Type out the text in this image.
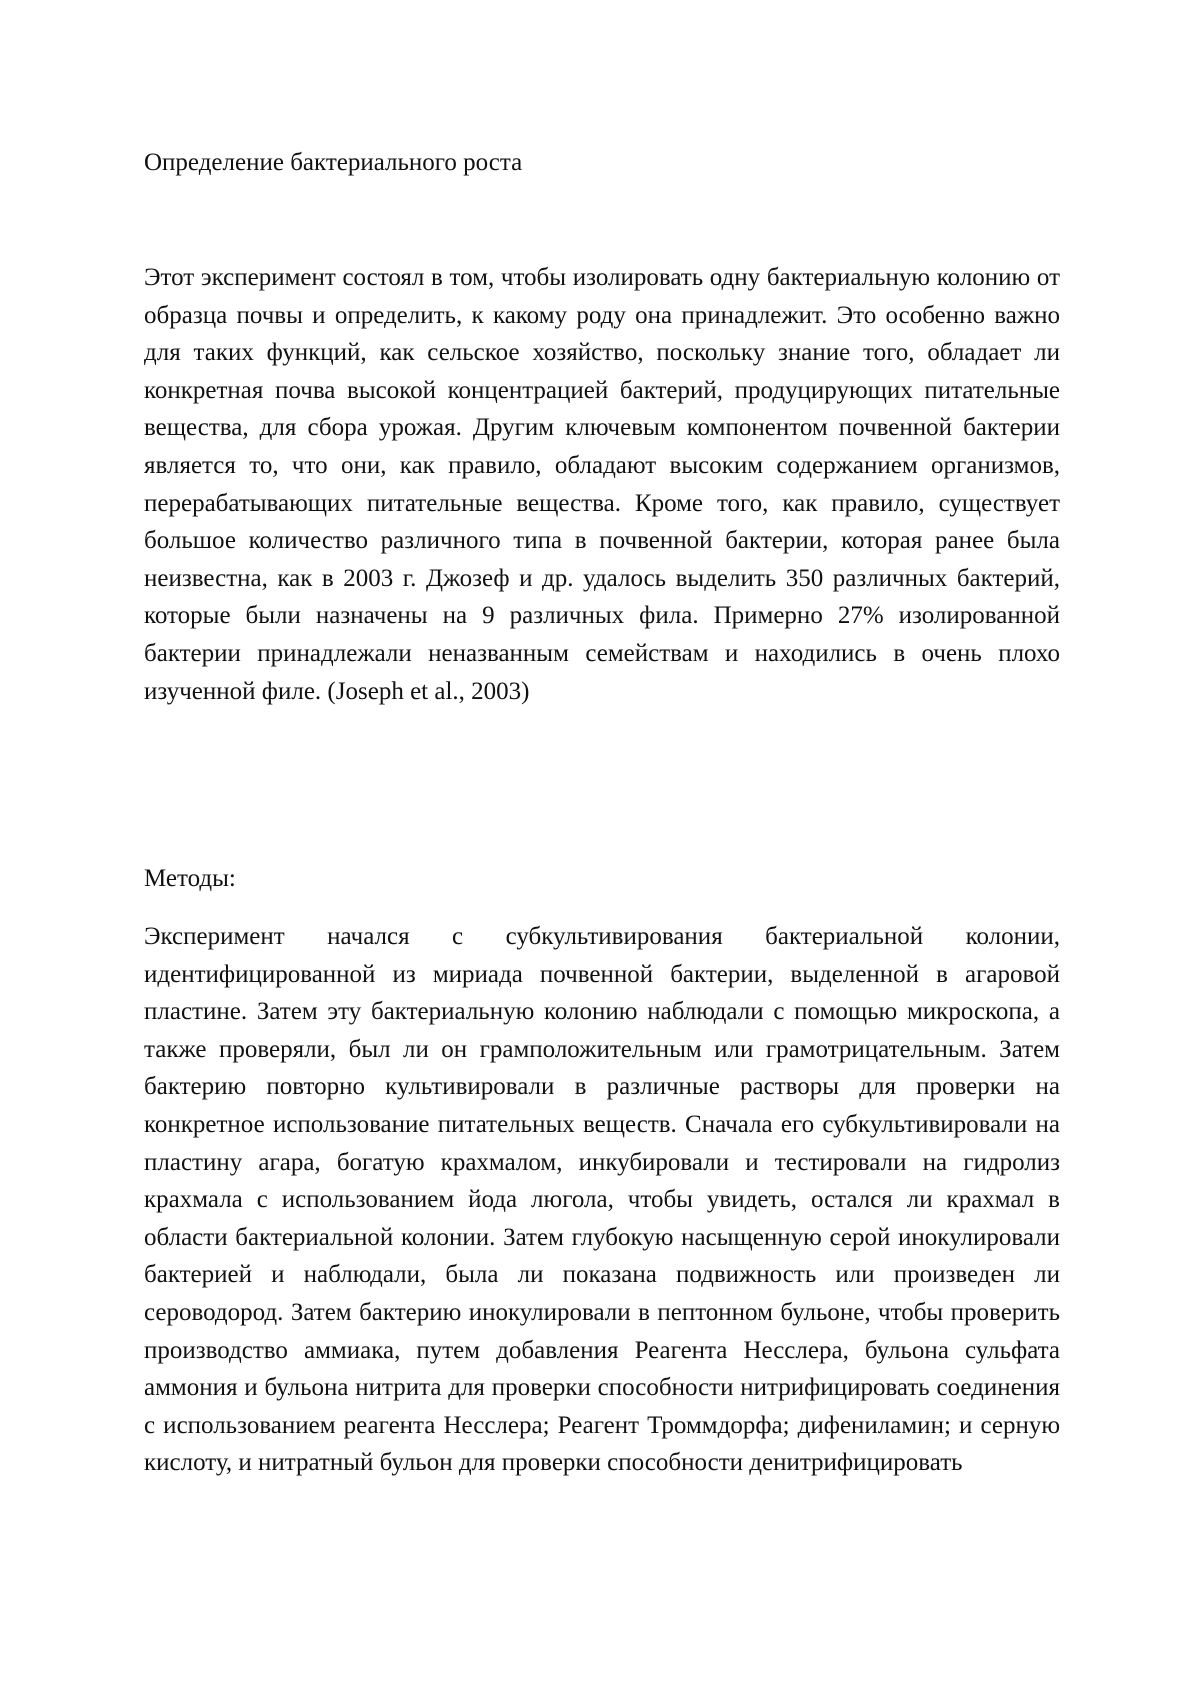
Определение бактериального роста

Этот эксперимент состоял в том, чтобы изолировать одну бактериальную колонию от образца почвы и определить, к какому роду она принадлежит. Это особенно важно для таких функций, как сельское хозяйство, поскольку знание того, обладает ли конкретная почва высокой концентрацией бактерий, продуцирующих питательные вещества, для сбора урожая. Другим ключевым компонентом почвенной бактерии является то, что они, как правило, обладают высоким содержанием организмов, перерабатывающих питательные вещества. Кроме того, как правило, существует большое количество различного типа в почвенной бактерии, которая ранее была неизвестна, как в 2003 г. Джозеф и др. удалось выделить 350 различных бактерий, которые были назначены на 9 различных фила. Примерно 27% изолированной бактерии принадлежали неназванным семействам и находились в очень плохо изученной филе. (Joseph et al., 2003)

Методы:

Эксперимент начался с субкультивирования бактериальной колонии, идентифицированной из мириада почвенной бактерии, выделенной в агаровой пластине. Затем эту бактериальную колонию наблюдали с помощью микроскопа, а также проверяли, был ли он грамположительным или грамотрицательным. Затем бактерию повторно культивировали в различные растворы для проверки на конкретное использование питательных веществ. Сначала его субкультивировали на пластину агара, богатую крахмалом, инкубировали и тестировали на гидролиз крахмала с использованием йода люгола, чтобы увидеть, остался ли крахмал в области бактериальной колонии. Затем глубокую насыщенную серой инокулировали бактерией и наблюдали, была ли показана подвижность или произведен ли сероводород. Затем бактерию инокулировали в пептонном бульоне, чтобы проверить производство аммиака, путем добавления Реагента Несслера, бульона сульфата аммония и бульона нитрита для проверки способности нитрифицировать соединения с использованием реагента Несслера; Реагент Троммдорфа; дифениламин; и серную кислоту, и нитратный бульон для проверки способности денитрифицировать
